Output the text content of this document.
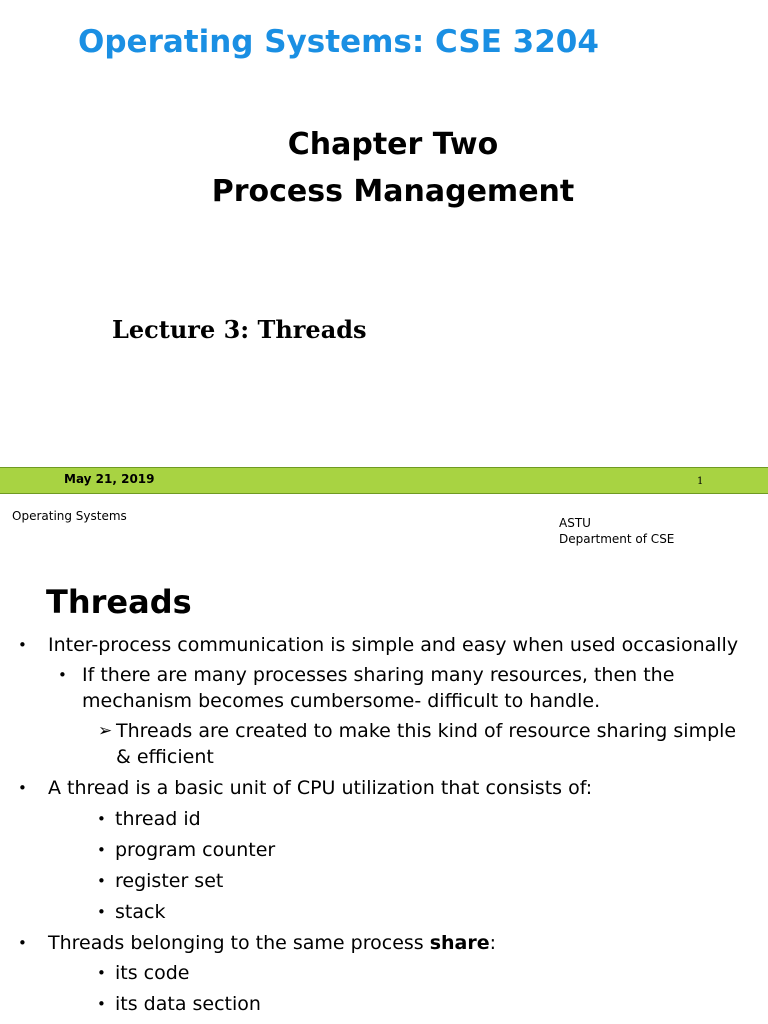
Operating Systems: CSE 3204
Chapter Two
Process Management
Lecture 3: Threads
May 21, 2019	1
Operating Systems	ASTU
Department of CSE
Threads
• Inter-process communication is simple and easy when used occasionally
• If there are many processes sharing many resources, then the
mechanism becomes cumbersome- difficult to handle.
➢ Threads are created to make this kind of resource sharing simple
& efficient
• A thread is a basic unit of CPU utilization that consists of:
• thread id
• program counter
• register set
• stack
• Threads belonging to the same process share:
• its code
• its data section
